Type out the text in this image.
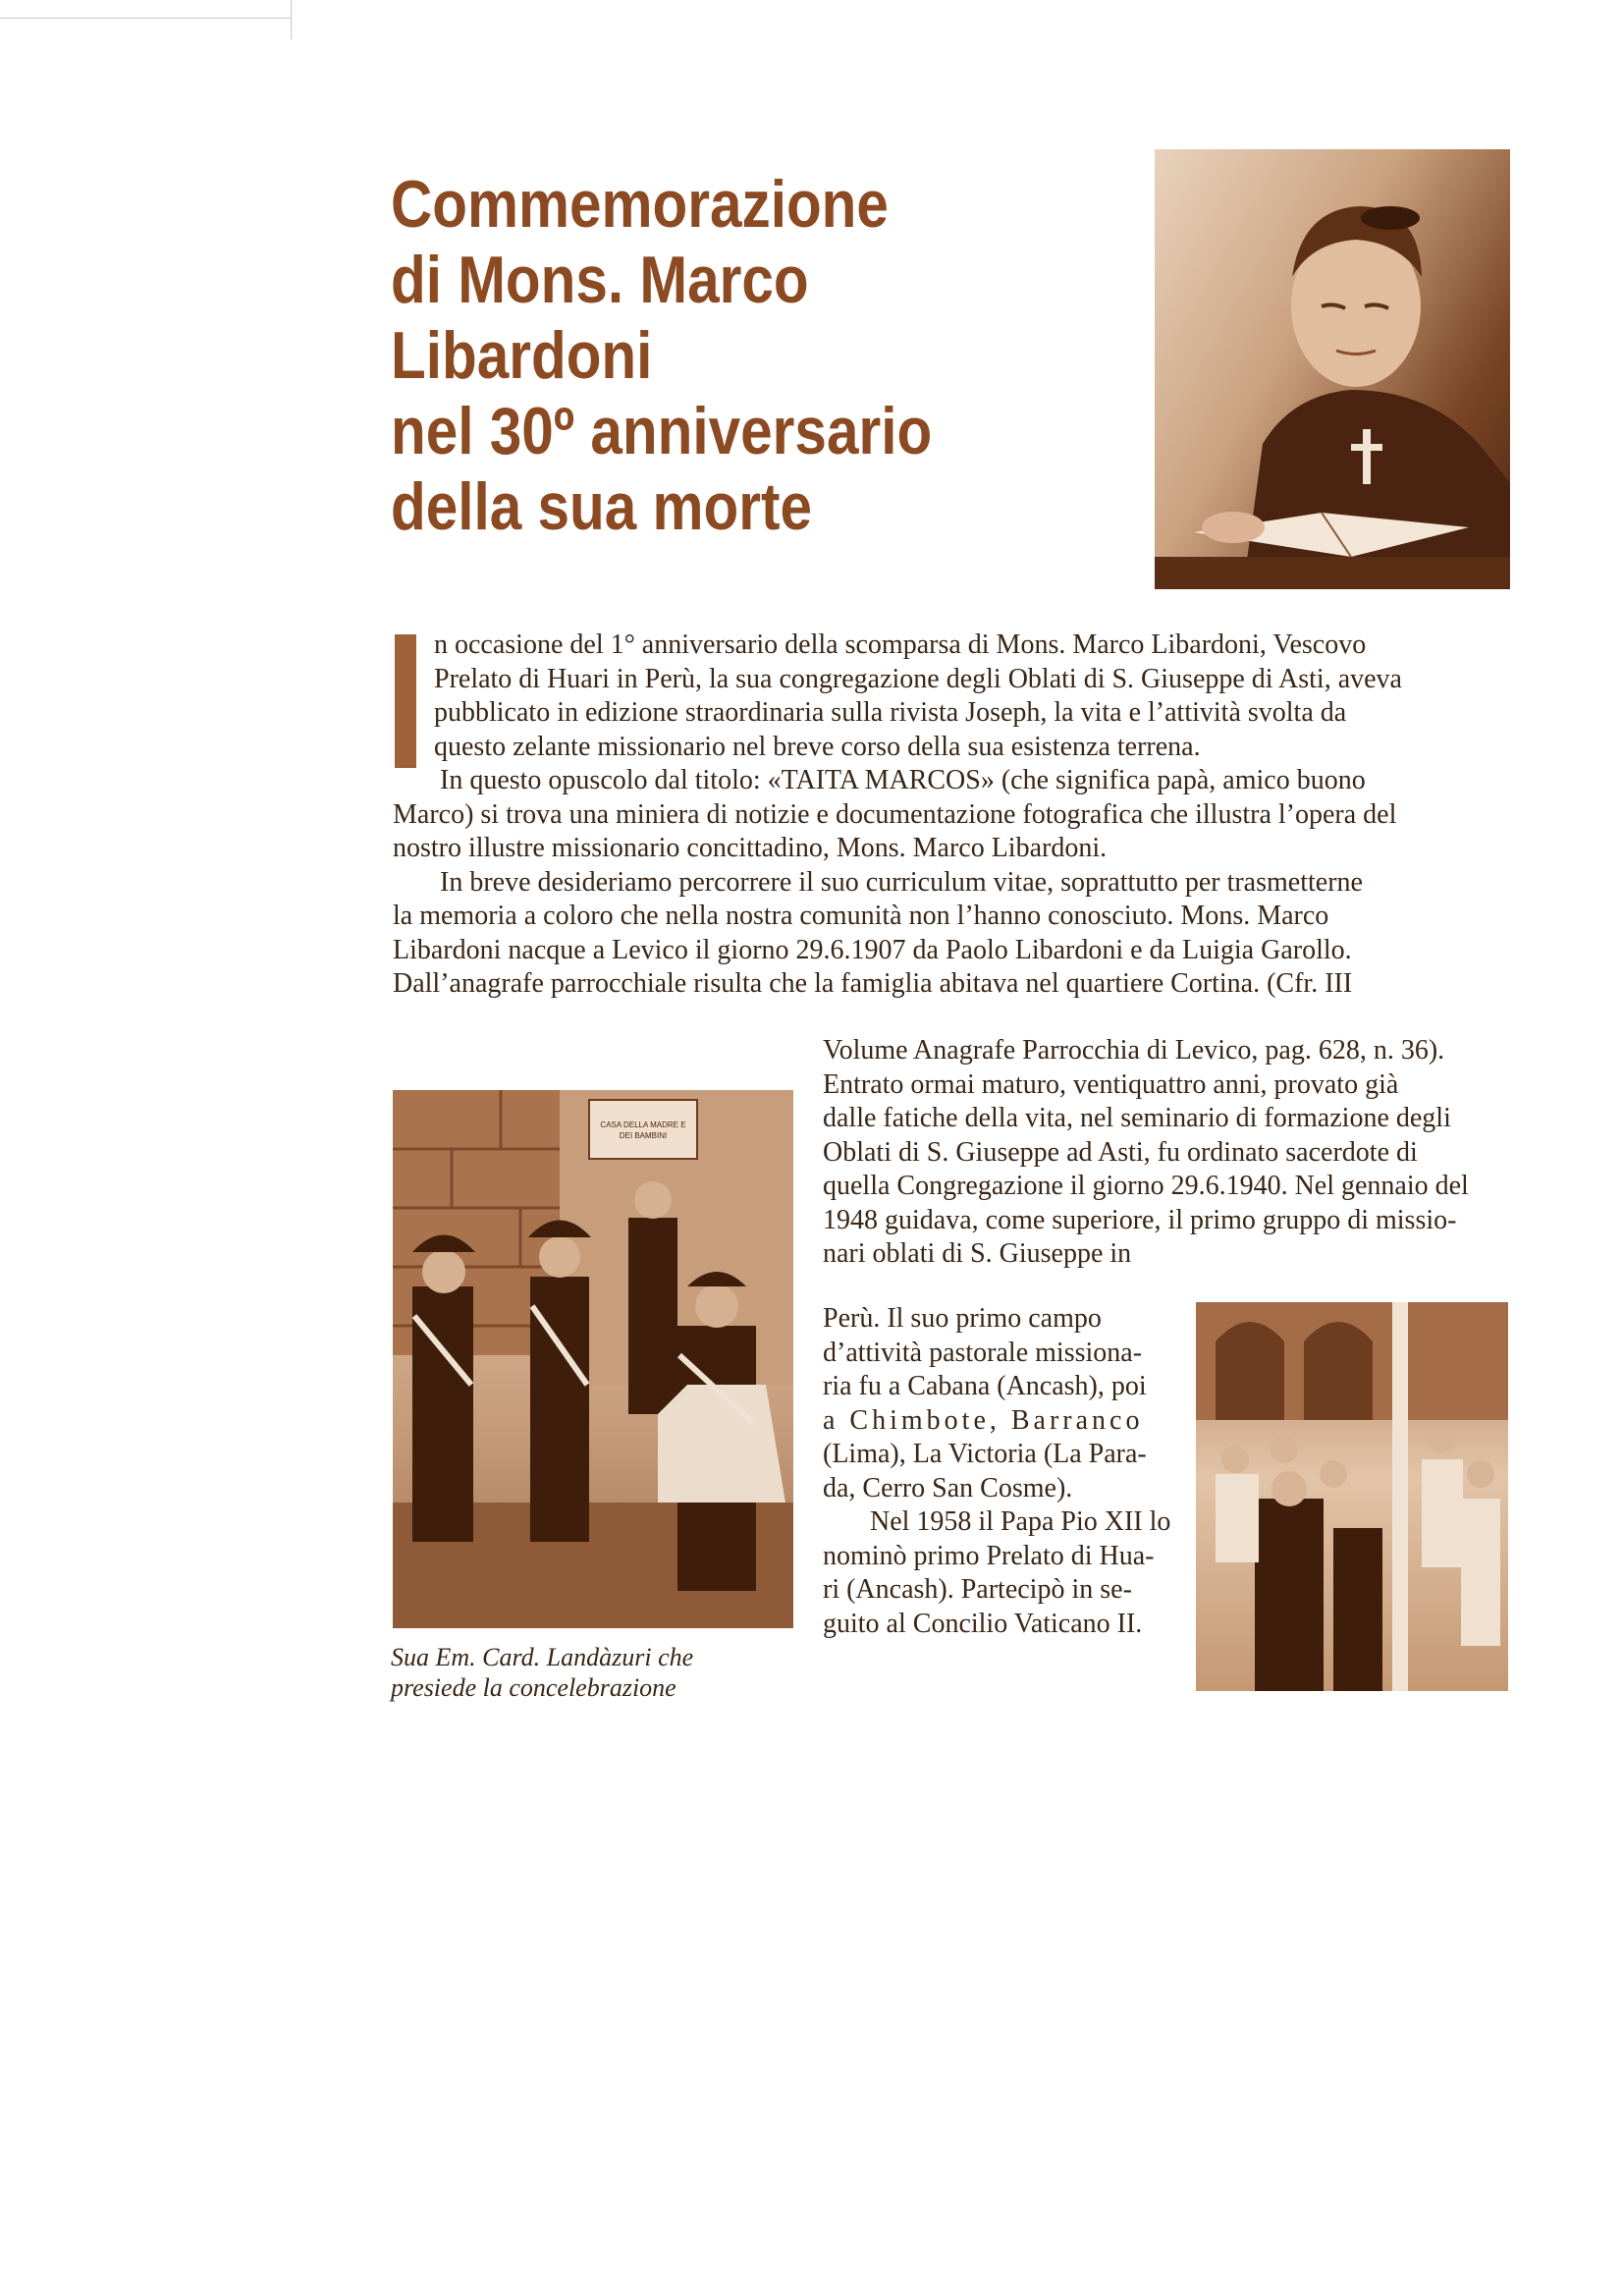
Commemorazione
di Mons. Marco
Libardoni
nel 30º anniversario
della sua morte
n occasione del 1° anniversario della scomparsa di Mons. Marco Libardoni, Vescovo
Prelato di Huari in Perù, la sua congregazione degli Oblati di S. Giuseppe di Asti, aveva
pubblicato in edizione straordinaria sulla rivista Joseph, la vita e l’attività svolta da
questo zelante missionario nel breve corso della sua esistenza terrena.
In questo opuscolo dal titolo: «TAITA MARCOS» (che significa papà, amico buono
Marco) si trova una miniera di notizie e documentazione fotografica che illustra l’opera del
nostro illustre missionario concittadino, Mons. Marco Libardoni.
In breve desideriamo percorrere il suo curriculum vitae, soprattutto per trasmetterne
la memoria a coloro che nella nostra comunità non l’hanno conosciuto. Mons. Marco
Libardoni nacque a Levico il giorno 29.6.1907 da Paolo Libardoni e da Luigia Garollo.
Dall’anagrafe parrocchiale risulta che la famiglia abitava nel quartiere Cortina. (Cfr. III
CASA DELLA MADRE E DEI BAMBINI
Sua Em. Card. Landàzuri che
presiede la concelebrazione
Volume Anagrafe Parrocchia di Levico, pag. 628, n. 36).
Entrato ormai maturo, ventiquattro anni, provato già
dalle fatiche della vita, nel seminario di formazione degli
Oblati di S. Giuseppe ad Asti, fu ordinato sacerdote di
quella Congregazione il giorno 29.6.1940. Nel gennaio del
1948 guidava, come superiore, il primo gruppo di missio-
nari oblati di S. Giuseppe in
Perù. Il suo primo campo
d’attività pastorale missiona-
ria fu a Cabana (Ancash), poi
a Chimbote, Barranco
(Lima), La Victoria (La Para-
da, Cerro San Cosme).
Nel 1958 il Papa Pio XII lo
nominò primo Prelato di Hua-
ri (Ancash). Partecipò in se-
guito al Concilio Vaticano II.
